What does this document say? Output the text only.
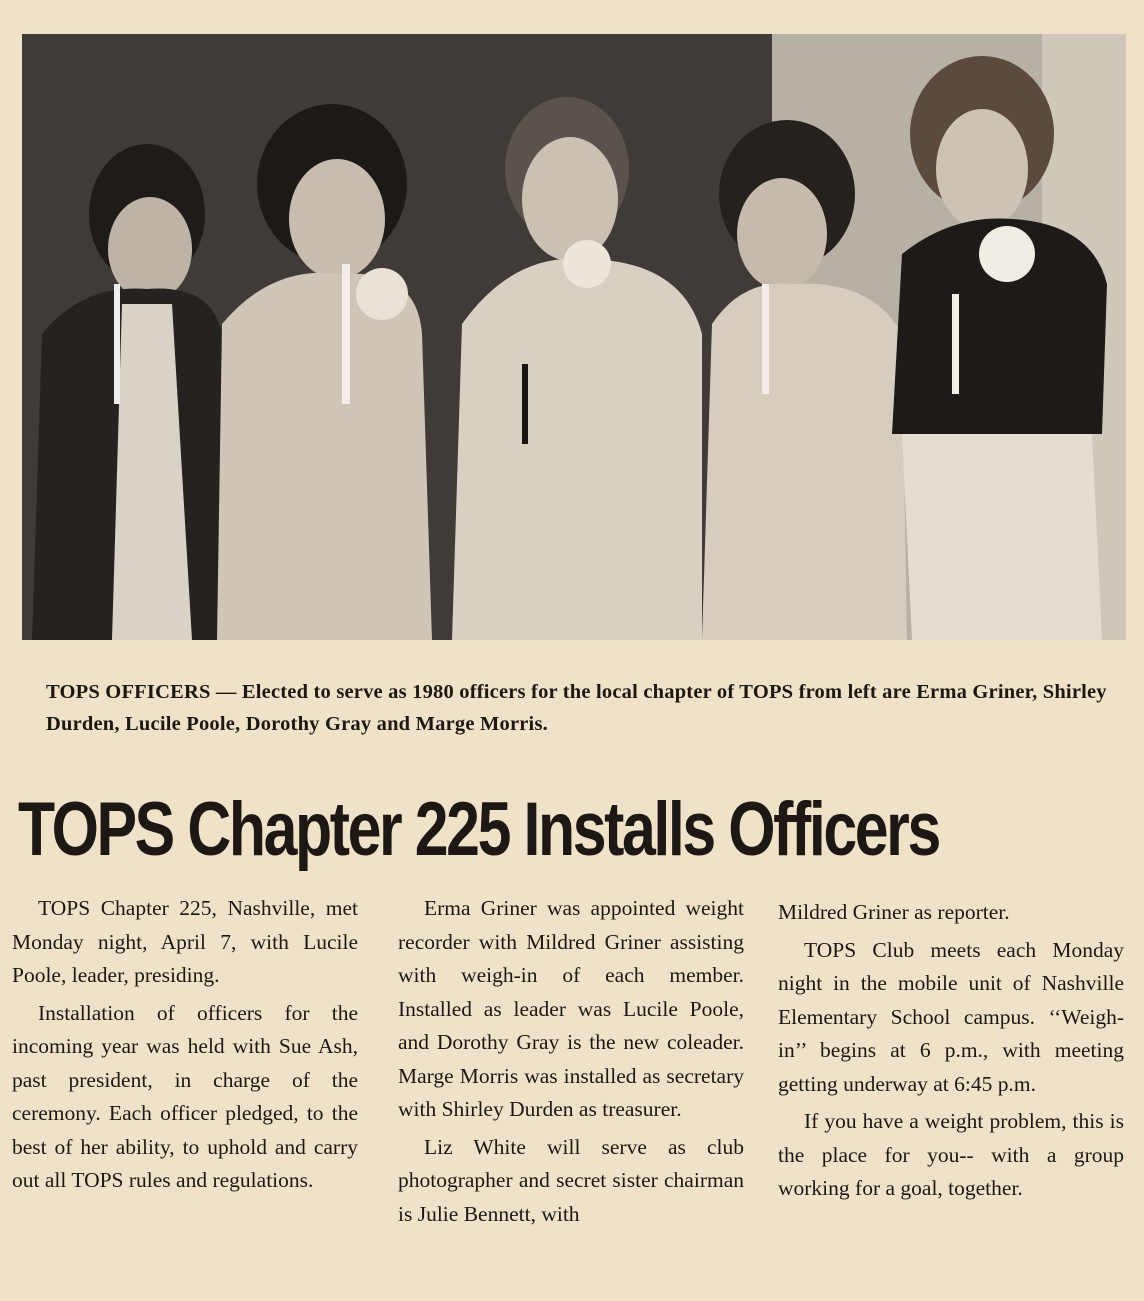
TOPS OFFICERS — Elected to serve as 1980 officers for the local chapter of TOPS from left are Erma Griner, Shirley Durden, Lucile Poole, Dorothy Gray and Marge Morris.
TOPS Chapter 225 Installs Officers

TOPS Chapter 225, Nashville, met Monday night, April 7, with Lucile Poole, leader, presiding.

Installation of officers for the incoming year was held with Sue Ash, past president, in charge of the ceremony. Each officer pledged, to the best of her ability, to uphold and carry out all TOPS rules and regulations.

Erma Griner was appointed weight recorder with Mildred Griner assisting with weigh-in of each member. Installed as leader was Lucile Poole, and Dorothy Gray is the new coleader. Marge Morris was installed as secretary with Shirley Durden as treasurer.

Liz White will serve as club photographer and secret sister chairman is Julie Bennett, with

Mildred Griner as reporter.

TOPS Club meets each Monday night in the mobile unit of Nashville Elementary School campus. ‘‘Weigh-in’’ begins at 6 p.m., with meeting getting underway at 6:45 p.m.

If you have a weight problem, this is the place for you-- with a group working for a goal, together.
